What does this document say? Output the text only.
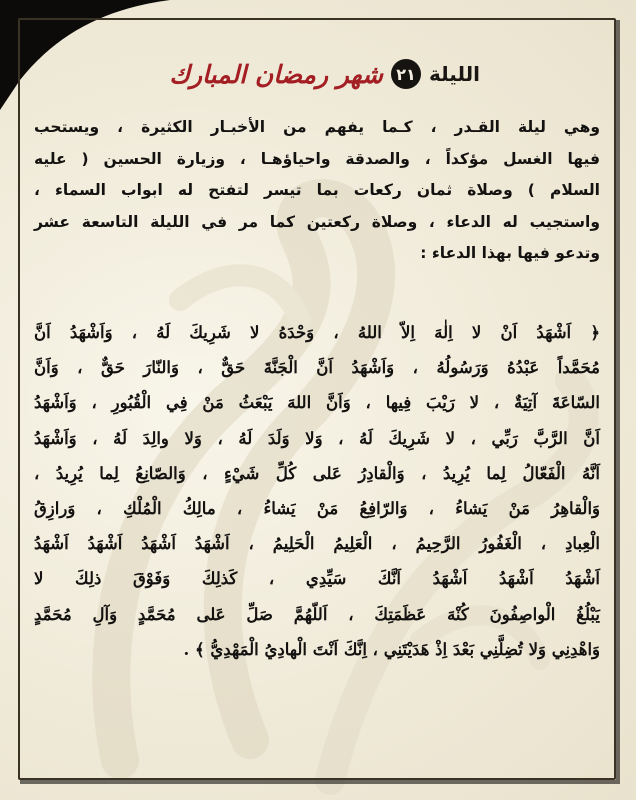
الليلة
٢١
شهر رمضان المبارك
وهي ليلة القـدر ، كـما يفهم من الأخبـار الكثيرة ، ويستحب
فيها الغسل مؤكداً ، والصدقة واحياؤهـا ، وزيارة الحسين ( عليه
السلام ) وصلاة ثمان ركعات بما تيسر لتفتح له ابواب السماء ،
واستجيب له الدعاء ، وصلاة ركعتين كما مر في الليلة التاسعة عشر
وتدعو فيها بهذا الدعاء :
﴿ اَشْهَدُ اَنْ لا اِلٰهَ اِلاّ اللهُ ، وَحْدَهُ لا شَرِيكَ لَهُ ، وَاَشْهَدُ اَنَّ
مُحَمَّداً عَبْدُهُ وَرَسُولُهُ ، وَاَشْهَدُ اَنَّ الْجَنَّةَ حَقٌّ ، وَالنّارَ حَقٌّ ، وَاَنَّ
السّاعَةَ آتِيَةٌ ، لا رَيْبَ فِيها ، وَاَنَّ اللهَ يَبْعَثُ مَنْ فِي الْقُبُورِ ، وَاَشْهَدُ
اَنَّ الرَّبَّ رَبِّي ، لا شَرِيكَ لَهُ ، وَلا وَلَدَ لَهُ ، وَلا والِدَ لَهُ ، وَاَشْهَدُ
اَنَّهُ الْفَعّالُ لِما يُرِيدُ ، وَالْقادِرُ عَلى كُلِّ شَيْءٍ ، وَالصّانِعُ لِما يُرِيدُ ،
وَالْقاهِرُ مَنْ يَشاءُ ، وَالرّافِعُ مَنْ يَشاءُ ، مالِكُ الْمُلْكِ ، وَرازِقُ
الْعِبادِ ، الْغَفُورُ الرَّحِيمُ ، الْعَلِيمُ الْحَلِيمُ ، اَشْهَدُ اَشْهَدُ اَشْهَدُ اَشْهَدُ
اَشْهَدُ اَشْهَدُ اَشْهَدُ اَنَّكَ سَيِّدِي ، كَذلِكَ وَفَوْقَ ذلِكَ لا
يَبْلُغُ الْواصِفُونَ كُنْهَ عَظَمَتِكَ ، اَللّهُمَّ صَلِّ عَلى مُحَمَّدٍ وَآلِ مُحَمَّدٍ
وَاهْدِنِي وَلا تُضِلَّنِي بَعْدَ اِذْ هَدَيْتَنِي ، اِنَّكَ اَنْتَ الْهادِيُ الْمَهْدِيُّ ﴾ .
